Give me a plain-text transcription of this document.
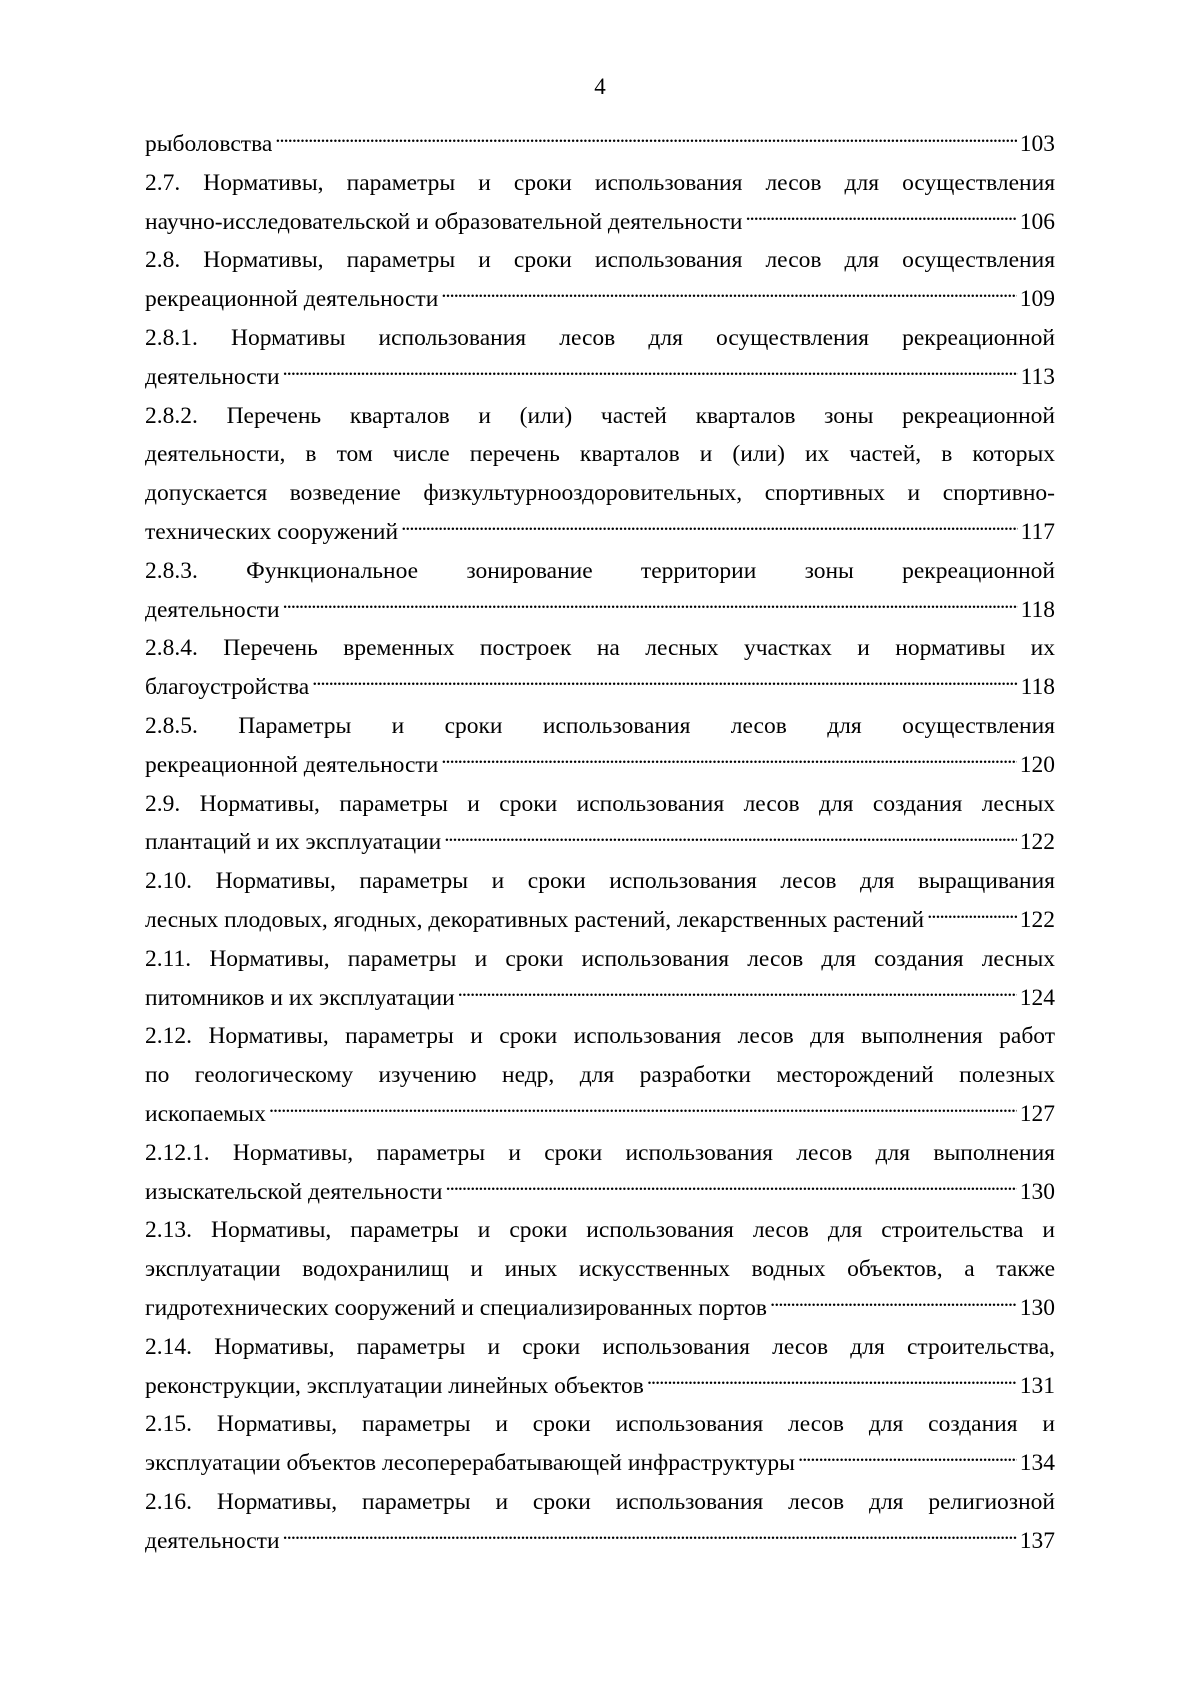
4
рыболовства . . .	103
2.7. Нормативы, параметры и сроки использования лесов для осуществления
научно-исследовательской и образовательной деятельности . . .	106
2.8. Нормативы, параметры и сроки использования лесов для осуществления
рекреационной деятельности . . .	109
2.8.1. Нормативы использования лесов для осуществления рекреационной
деятельности . . .	113
2.8.2. Перечень кварталов и (или) частей кварталов зоны рекреационной
деятельности, в том числе перечень кварталов и (или) их частей, в которых
допускается возведение физкультурнооздоровительных, спортивных и спортивно-
технических сооружений . . .	117
2.8.3. Функциональное зонирование территории зоны рекреационной
деятельности . . .	118
2.8.4. Перечень временных построек на лесных участках и нормативы их
благоустройства . . .	118
2.8.5. Параметры и сроки использования лесов для осуществления
рекреационной деятельности . . .	120
2.9. Нормативы, параметры и сроки использования лесов для создания лесных
плантаций и их эксплуатации . . .	122
2.10. Нормативы, параметры и сроки использования лесов для выращивания
лесных плодовых, ягодных, декоративных растений, лекарственных растений . . .	122
2.11. Нормативы, параметры и сроки использования лесов для создания лесных
питомников и их эксплуатации . . .	124
2.12. Нормативы, параметры и сроки использования лесов для выполнения работ
по геологическому изучению недр, для разработки месторождений полезных
ископаемых . . .	127
2.12.1. Нормативы, параметры и сроки использования лесов для выполнения
изыскательской деятельности . . .	130
2.13. Нормативы, параметры и сроки использования лесов для строительства и
эксплуатации водохранилищ и иных искусственных водных объектов, а также
гидротехнических сооружений и специализированных портов . . .	130
2.14. Нормативы, параметры и сроки использования лесов для строительства,
реконструкции, эксплуатации линейных объектов . . .	131
2.15. Нормативы, параметры и сроки использования лесов для создания и
эксплуатации объектов лесоперерабатывающей инфраструктуры . . .	134
2.16. Нормативы, параметры и сроки использования лесов для религиозной
деятельности . . .	137
